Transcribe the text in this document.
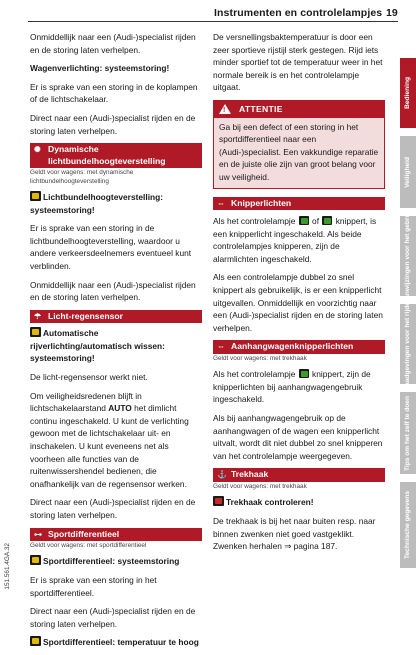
Instrumenten en controlelampjes 19

Onmiddellijk naar een (Audi-)specialist rijden en de storing laten verhelpen.

Wagenverlichting: systeemstoring!

Er is sprake van een storing in de koplampen of de lichtschakelaar.

Direct naar een (Audi-)specialist rijden en de storing laten verhelpen.

✺ Dynamische lichtbundelhoogteverstelling
Geldt voor wagens: met dynamische lichtbundelhoogteverstelling

Lichtbundelhoogteverstelling: systeemstoring!

Er is sprake van een storing in de lichtbundelhoogteverstelling, waardoor u andere verkeersdeelnemers eventueel kunt verblinden.

Onmiddellijk naar een (Audi-)specialist rijden en de storing laten verhelpen.

☂ Licht-regensensor

Automatische rijverlichting/automatisch wissen: systeemstoring!

De licht-regensensor werkt niet.

Om veiligheidsredenen blijft in lichtschakelaarstand AUTO het dimlicht continu ingeschakeld. U kunt de verlichting gewoon met de lichtschakelaar uit- en inschakelen. U kunt eveneens net als voorheen alle functies van de ruitenwissershendel bedienen, die onafhankelijk van de regensensor werken.

Direct naar een (Audi-)specialist rijden en de storing laten verhelpen.

⊶ Sportdifferentieel
Geldt voor wagens: met sportdifferentieel

Sportdifferentieel: systeemstoring

Er is sprake van een storing in het sportdifferentieel.

Direct naar een (Audi-)specialist rijden en de storing laten verhelpen.

Sportdifferentieel: temperatuur te hoog

De versnellingsbaktemperatuur is door een zeer sportieve rijstijl sterk gestegen. Rijd iets minder sportief tot de temperatuur weer in het normale bereik is en het controlelampje uitgaat.

! ATTENTIE
Ga bij een defect of een storing in het sportdifferentieel naar een (Audi-)specialist. Een vakkundige reparatie en de juiste olie zijn van groot belang voor uw veiligheid.
⇔ Knipperlichten

Als het controlelampje  of  knippert, is een knipperlicht ingeschakeld. Als beide controlelampjes knipperen, zijn de alarmlichten ingeschakeld.

Als een controlelampje dubbel zo snel knippert als gebruikelijk, is er een knipperlicht uitgevallen. Onmiddellijk en voorzichtig naar een (Audi-)specialist rijden en de storing laten verhelpen.

⇔ Aanhangwagenknipperlichten
Geldt voor wagens: met trekhaak

Als het controlelampje  knippert, zijn de knipperlichten bij aanhangwagengebruik ingeschakeld.

Als bij aanhangwagengebruik op de aanhangwagen of de wagen een knipperlicht uitvalt, wordt dit niet dubbel zo snel knipperen van het controlelampje weergegeven.

⚓ Trekhaak
Geldt voor wagens: met trekhaak

Trekhaak controleren!

De trekhaak is bij het naar buiten resp. naar binnen zwenken niet goed vastgeklikt. Zwenken herhalen ⇒ pagina 187.

Bediening
Veiligheid
Aanwijzingen voor het gebruik
Raadgevingen voor het rijden
Tips om het zelf te doen
Technische gegevens
151.561.4GA.32
